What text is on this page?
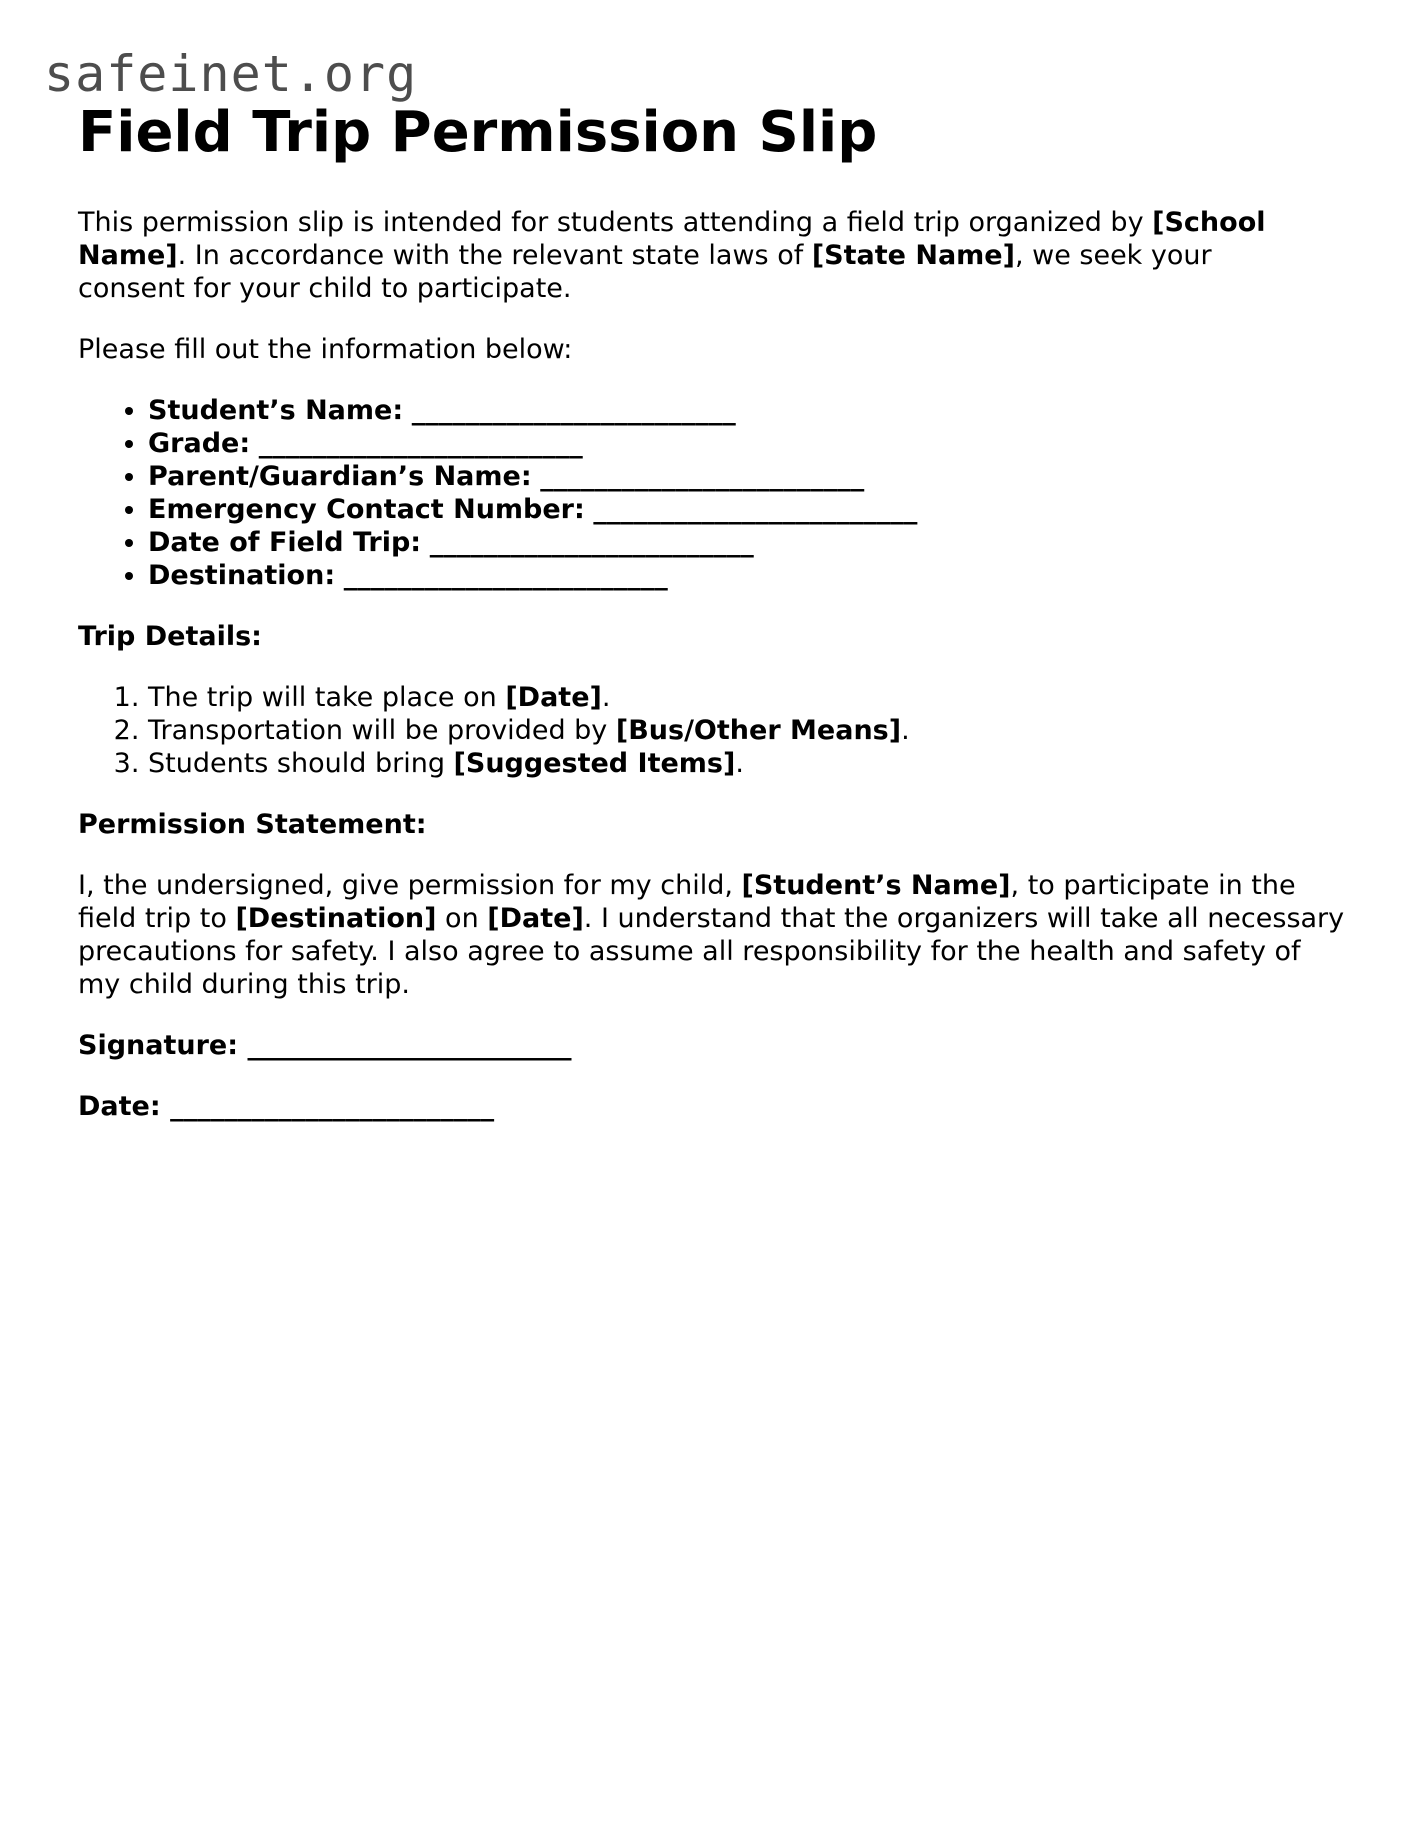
safeinet.org
Field Trip Permission Slip

This permission slip is intended for students attending a field trip organized by [School Name]. In accordance with the relevant state laws of [State Name], we seek your consent for your child to participate.

Please fill out the information below:

• Student’s Name: ________________________
• Grade: ________________________
• Parent/Guardian’s Name: ________________________
• Emergency Contact Number: ________________________
• Date of Field Trip: ________________________
• Destination: ________________________

Trip Details:

1. The trip will take place on [Date].
2. Transportation will be provided by [Bus/Other Means].
3. Students should bring [Suggested Items].

Permission Statement:

I, the undersigned, give permission for my child, [Student’s Name], to participate in the field trip to [Destination] on [Date]. I understand that the organizers will take all necessary precautions for safety. I also agree to assume all responsibility for the health and safety of my child during this trip.

Signature: ________________________

Date: ________________________
